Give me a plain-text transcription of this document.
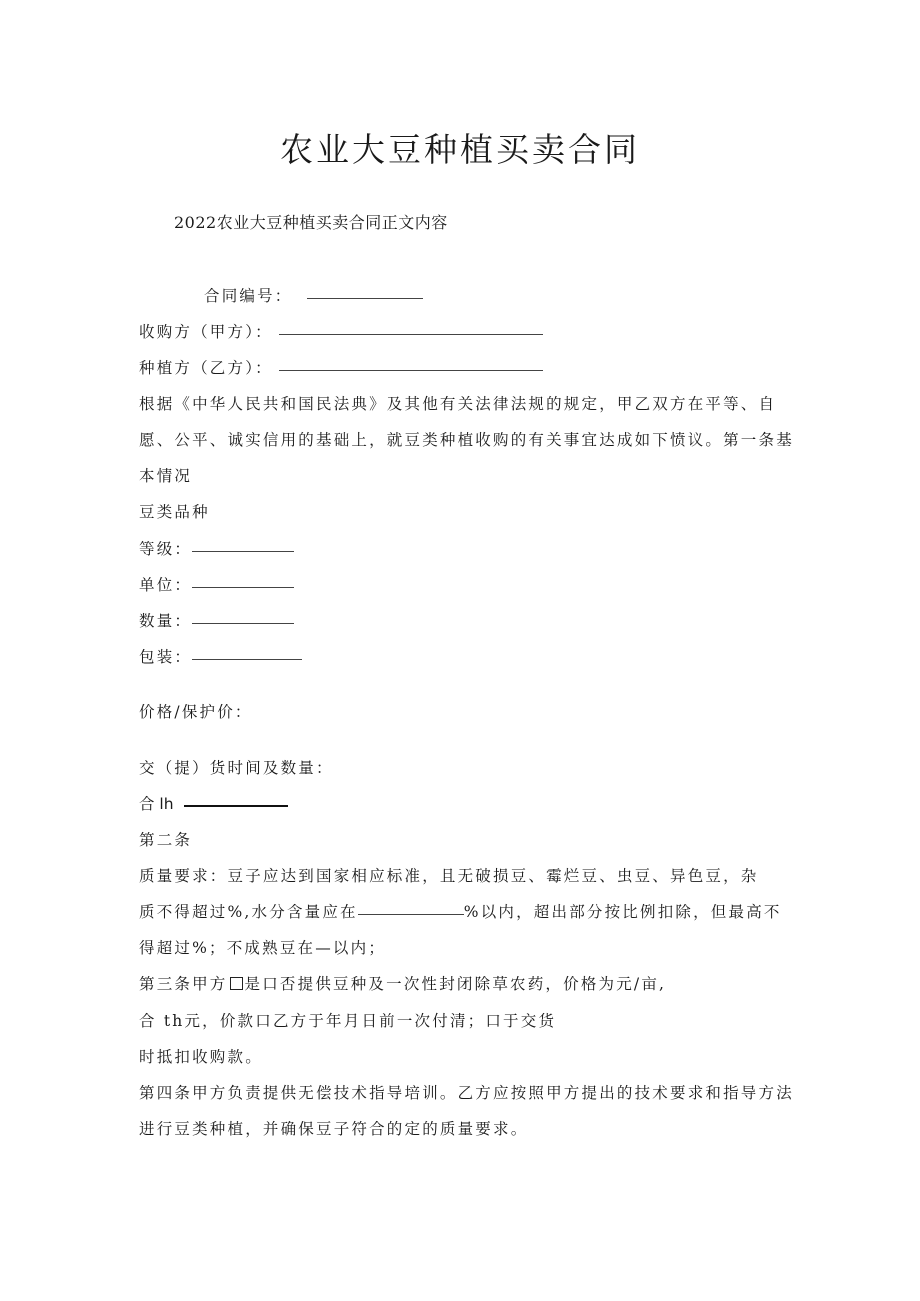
农业大豆种植买卖合同
2022农业大豆种植买卖合同正文内容
合同编号：
收购方（甲方）：
种植方（乙方）：
根据《中华人民共和国民法典》及其他有关法律法规的规定，甲乙双方在平等、自
愿、公平、诚实信用的基础上，就豆类种植收购的有关事宜达成如下愤议。第一条基
本情况
豆类品种
等级：
单位：
数量：
包装：
价格/保护价：
交（提）货时间及数量：
合 lh
第二条
质量要求：豆子应达到国家相应标准，且无破损豆、霉烂豆、虫豆、异色豆，杂
质不得超过%,水分含量应在	%以内，超出部分按比例扣除，但最高不
得超过%；不成熟豆在—以内；
第三条甲方 是口否提供豆种及一次性封闭除草农药，价格为元/亩,
合 th元，价款口乙方于年月日前一次付清；口于交货
时抵扣收购款。
第四条甲方负责提供无偿技术指导培训。乙方应按照甲方提出的技术要求和指导方法
进行豆类种植，并确保豆子符合的定的质量要求。
